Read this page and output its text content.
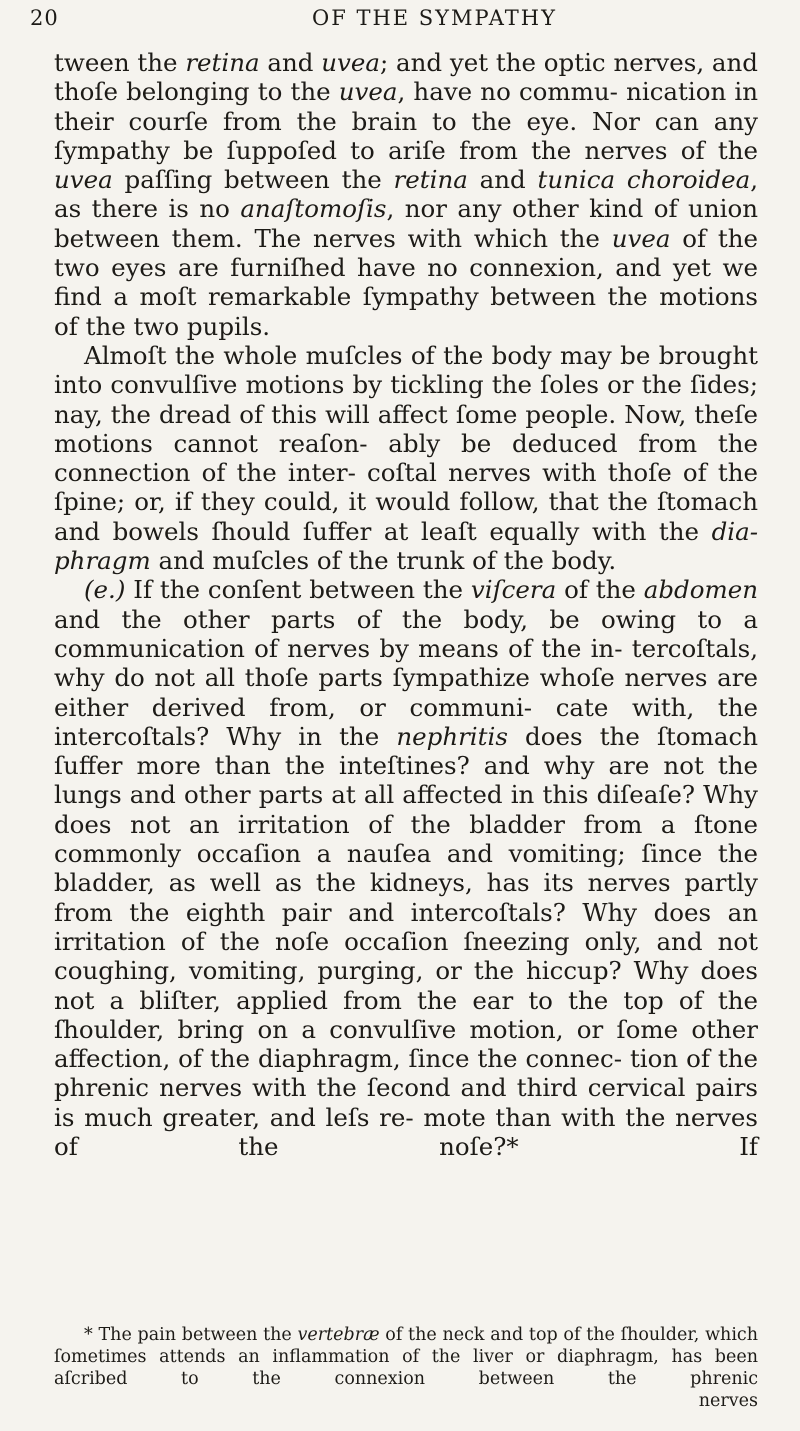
20	OF THE SYMPATHY

tween the retina and uvea; and yet the optic nerves, and thoſe belonging to the uvea, have no commu- nication in their courſe from the brain to the eye. Nor can any ſympathy be ſuppoſed to ariſe from the nerves of the uvea paſſing between the retina and tunica choroidea, as there is no anaſtomoſis, nor any other kind of union between them. The nerves with which the uvea of the two eyes are furniſhed have no connexion, and yet we find a moſt remarkable ſympathy between the motions of the two pupils.

Almoſt the whole muſcles of the body may be brought into convulſive motions by tickling the ſoles or the ſides; nay, the dread of this will affect ſome people. Now, theſe motions cannot reaſon- ably be deduced from the connection of the inter- coſtal nerves with thoſe of the ſpine; or, if they could, it would follow, that the ſtomach and bowels ſhould ſuffer at leaſt equally with the dia- phragm and muſcles of the trunk of the body.

(e.) If the conſent between the viſcera of the abdomen and the other parts of the body, be owing to a communication of nerves by means of the in- tercoſtals, why do not all thoſe parts ſympathize whoſe nerves are either derived from, or communi- cate with, the intercoſtals? Why in the nephritis does the ſtomach ſuffer more than the inteſtines? and why are not the lungs and other parts at all affected in this diſeaſe? Why does not an irritation of the bladder from a ſtone commonly occaſion a nauſea and vomiting; ſince the bladder, as well as the kidneys, has its nerves partly from the eighth pair and intercoſtals? Why does an irritation of the noſe occaſion ſneezing only, and not coughing, vomiting, purging, or the hiccup? Why does not a bliſter, applied from the ear to the top of the ſhoulder, bring on a convulſive motion, or ſome other affection, of the diaphragm, ſince the connec- tion of the phrenic nerves with the ſecond and third cervical pairs is much greater, and leſs re- mote than with the nerves of the noſe?*	If

* The pain between the vertebræ of the neck and top of the ſhoulder, which ſometimes attends an inflammation of the liver or diaphragm, has been aſcribed to the connexion between the phrenic

nerves
